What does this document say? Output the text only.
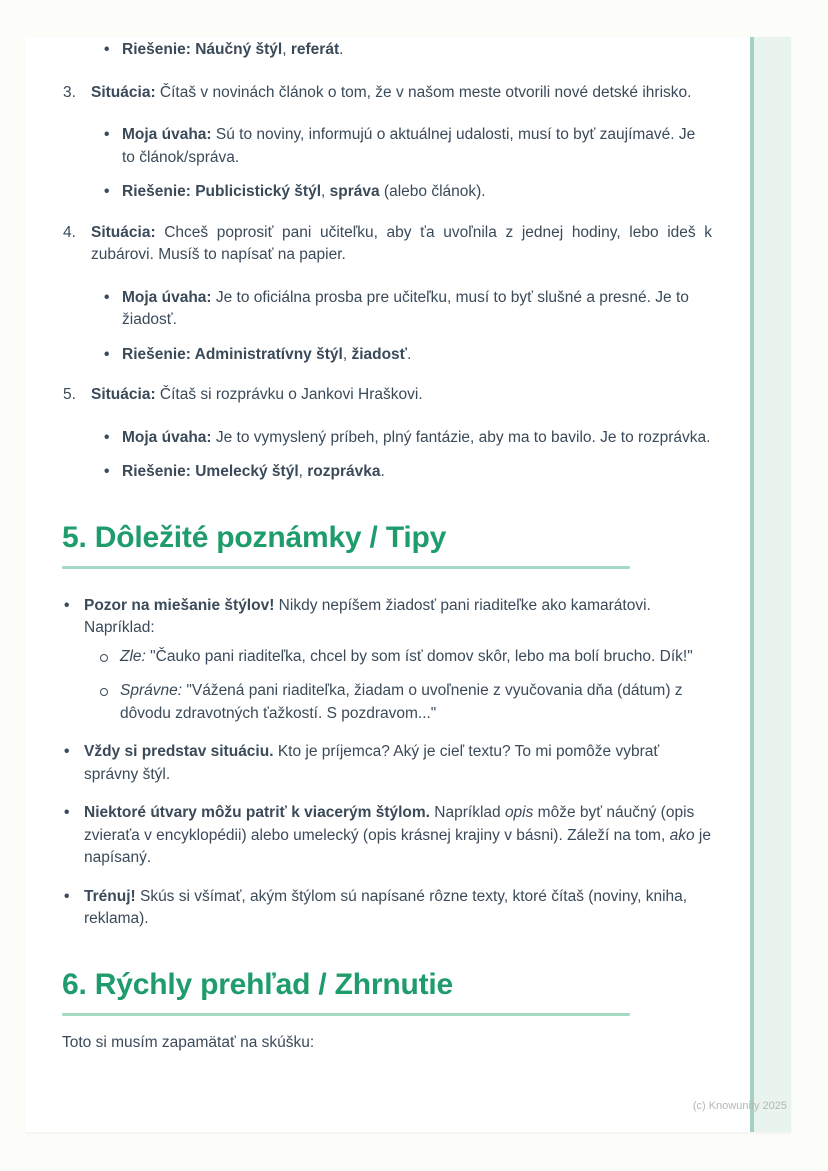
• Riešenie: Náučný štýl, referát.
3. Situácia: Čítaš v novinách článok o tom, že v našom meste otvorili nové detské ihrisko.

• Moja úvaha: Sú to noviny, informujú o aktuálnej udalosti, musí to byť zaujímavé. Je to článok/správa.
• Riešenie: Publicistický štýl, správa (alebo článok).
4. Situácia: Chceš poprosiť pani učiteľku, aby ťa uvoľnila z jednej hodiny, lebo ideš k zubárovi. Musíš to napísať na papier.

• Moja úvaha: Je to oficiálna prosba pre učiteľku, musí to byť slušné a presné. Je to žiadosť.
• Riešenie: Administratívny štýl, žiadosť.
5. Situácia: Čítaš si rozprávku o Jankovi Hraškovi.

• Moja úvaha: Je to vymyslený príbeh, plný fantázie, aby ma to bavilo. Je to rozprávka.
• Riešenie: Umelecký štýl, rozprávka.
5. Dôležité poznámky / Tipy
• Pozor na miešanie štýlov! Nikdy nepíšem žiadosť pani riaditeľke ako kamarátovi. Napríklad:
Zle: "Čauko pani riaditeľka, chcel by som ísť domov skôr, lebo ma bolí brucho. Dík!"
Správne: "Vážená pani riaditeľka, žiadam o uvoľnenie z vyučovania dňa (dátum) z dôvodu zdravotných ťažkostí. S pozdravom..."
• Vždy si predstav situáciu. Kto je príjemca? Aký je cieľ textu? To mi pomôže vybrať správny štýl.
• Niektoré útvary môžu patriť k viacerým štýlom. Napríklad opis môže byť náučný (opis zvieraťa v encyklopédii) alebo umelecký (opis krásnej krajiny v básni). Záleží na tom, ako je napísaný.
• Trénuj! Skús si všímať, akým štýlom sú napísané rôzne texty, ktoré čítaš (noviny, kniha, reklama).
6. Rýchly prehľad / Zhrnutie

Toto si musím zapamätať na skúšku:

(c) Knowunity 2025
